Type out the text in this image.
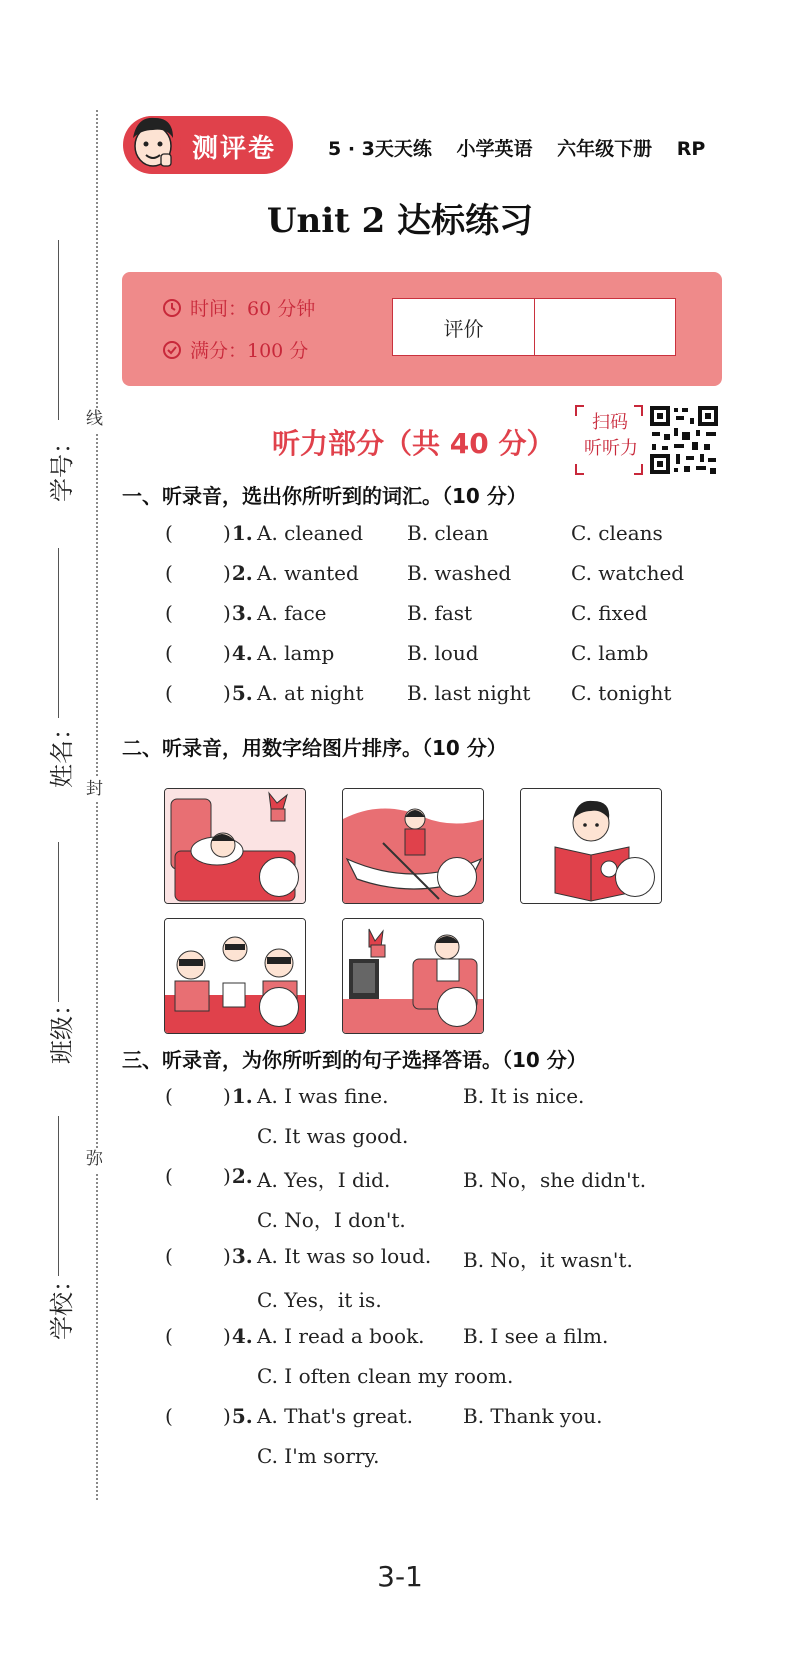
线
封
弥
学号：
姓名：
班级：
学校：
测评卷	5 · 3天天练 小学英语 六年级下册 RP
Unit 2 达标练习
时间：60 分钟
满分：100 分
评价
听力部分（共 40 分）
扫码
听听力
一、听录音，选出你所听到的词汇。（10 分）
(	) 1. A. cleaned B. clean	C. cleans
(	) 2. A. wanted B. washed	C. watched
(	) 3. A. face	B. fast	C. fixed
(	) 4. A. lamp	B. loud	C. lamb
(	) 5. A. at night B. last night C. tonight
二、听录音，用数字给图片排序。（10 分）
三、听录音，为你所听到的句子选择答语。（10 分）
(	) 1. A. I was fine.	B. It is nice.
C. It was good.
(	) 2. A. Yes，I did.	B. No，she didn't.
C. No，I don't.
(	) 3. A. It was so loud. B. No，it wasn't.
C. Yes，it is.
(	) 4. A. I read a book. B. I see a film.
C. I often clean my room.
(	) 5. A. That's great.	B. Thank you.
C. I'm sorry.
3-1
